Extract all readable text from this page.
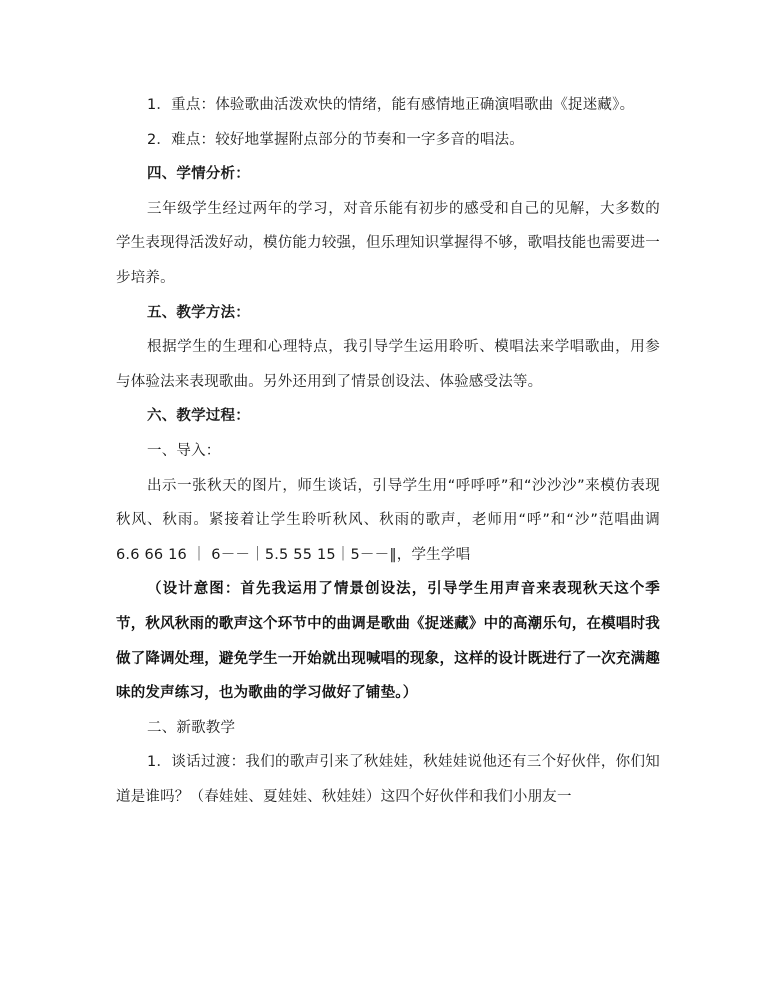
1．重点：体验歌曲活泼欢快的情绪，能有感情地正确演唱歌曲《捉迷藏》。

2．难点：较好地掌握附点部分的节奏和一字多音的唱法。

四、学情分析：

三年级学生经过两年的学习，对音乐能有初步的感受和自己的见解，大多数的学生表现得活泼好动，模仿能力较强，但乐理知识掌握得不够，歌唱技能也需要进一步培养。

五、教学方法：

根据学生的生理和心理特点，我引导学生运用聆听、模唱法来学唱歌曲，用参与体验法来表现歌曲。另外还用到了情景创设法、体验感受法等。

六、教学过程：

一、导入：

出示一张秋天的图片，师生谈话，引导学生用“呼呼呼”和“沙沙沙”来模仿表现秋风、秋雨。紧接着让学生聆听秋风、秋雨的歌声，老师用“呼”和“沙”范唱曲调 6.6 66 16 ｜ 6－－｜5.5 55 15｜5－－‖，学生学唱

（设计意图：首先我运用了情景创设法，引导学生用声音来表现秋天这个季节，秋风秋雨的歌声这个环节中的曲调是歌曲《捉迷藏》中的高潮乐句，在模唱时我做了降调处理，避免学生一开始就出现喊唱的现象，这样的设计既进行了一次充满趣味的发声练习，也为歌曲的学习做好了铺垫。）

二、新歌教学

1．谈话过渡：我们的歌声引来了秋娃娃，秋娃娃说他还有三个好伙伴，你们知道是谁吗？（春娃娃、夏娃娃、秋娃娃）这四个好伙伴和我们小朋友一
